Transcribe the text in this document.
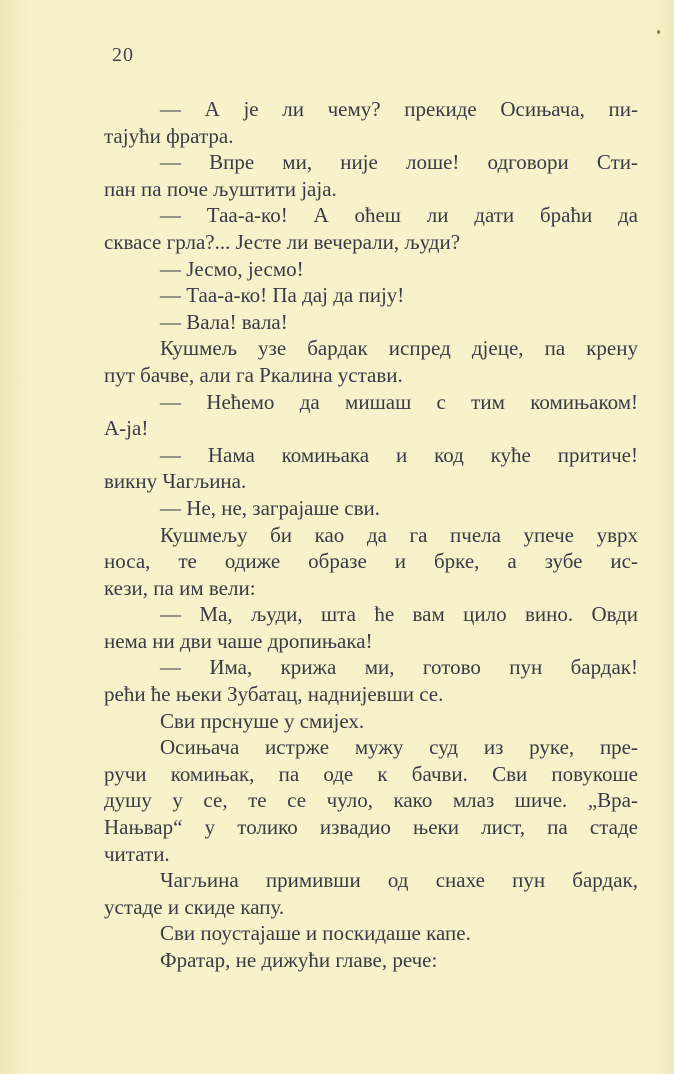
20
— А је ли чему? прекиде Осињача, пи-
тајући фратра.
— Впре ми, није лоше! одговори Сти-
пан па поче љуштити јаја.
— Таа-а-ко! А оћеш ли дати браћи да
сквасе грла?... Јесте ли вечерали, људи?
— Јесмо, јесмо!
— Таа-а-ко! Па дај да пију!
— Вала! вала!
Кушмељ узе бардак испред дјеце, па крену
пут бачве, али га Ркалина устави.
— Нећемо да мишаш с тим комињаком!
А-ја!
— Нама комињака и код куће притиче!
викну Чагљина.
— Не, не, заграјаше сви.
Кушмељу би као да га пчела упече уврх
носа, те одиже образе и брке, а зубе ис-
кези, па им вели:
— Ма, људи, шта ће вам цило вино. Овди
нема ни дви чаше дропињака!
— Има, крижа ми, готово пун бардак!
рећи ће њеки Зубатац, наднијевши се.
Сви прснуше у смијех.
Осињача истрже мужу суд из руке, пре-
ручи комињак, па оде к бачви. Сви повукоше
душу у се, те се чуло, како млаз шиче. „Вра-
Нањвар“ у толико извадио њеки лист, па стаде
читати.
Чагљина примивши од снахе пун бардак,
устаде и скиде капу.
Сви поустајаше и поскидаше капе.
Фратар, не дижући главе, рече:
